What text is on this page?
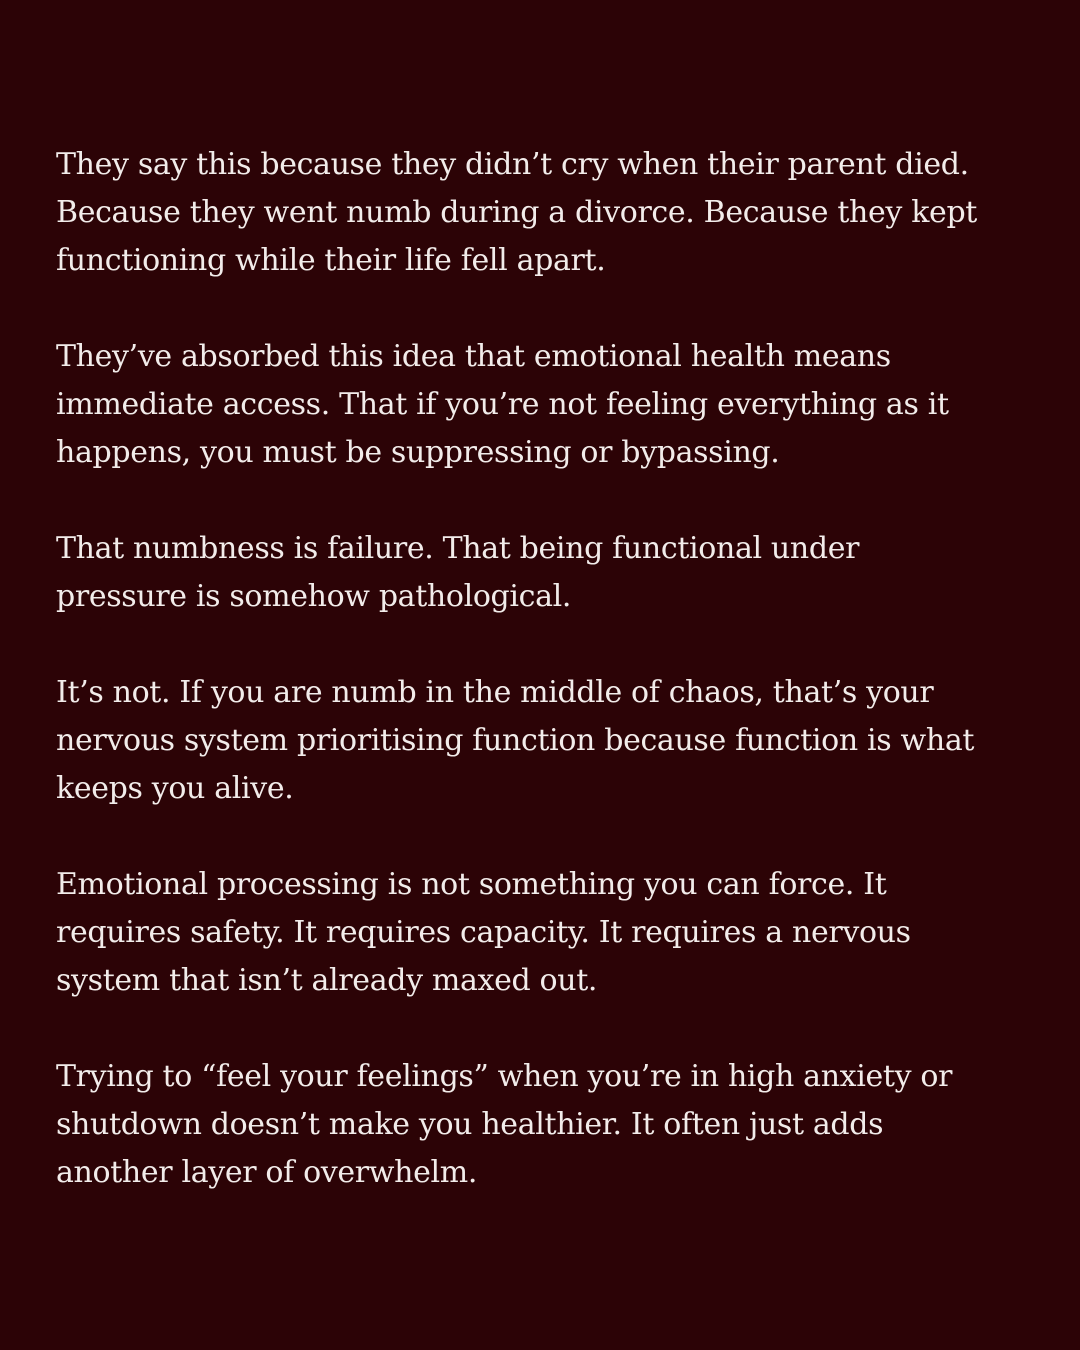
They say this because they didn’t cry when their parent died.
Because they went numb during a divorce. Because they kept
functioning while their life fell apart.

They’ve absorbed this idea that emotional health means
immediate access. That if you’re not feeling everything as it
happens, you must be suppressing or bypassing.

That numbness is failure. That being functional under
pressure is somehow pathological.

It’s not. If you are numb in the middle of chaos, that’s your
nervous system prioritising function because function is what
keeps you alive.

Emotional processing is not something you can force. It
requires safety. It requires capacity. It requires a nervous
system that isn’t already maxed out.

Trying to “feel your feelings” when you’re in high anxiety or
shutdown doesn’t make you healthier. It often just adds
another layer of overwhelm.
